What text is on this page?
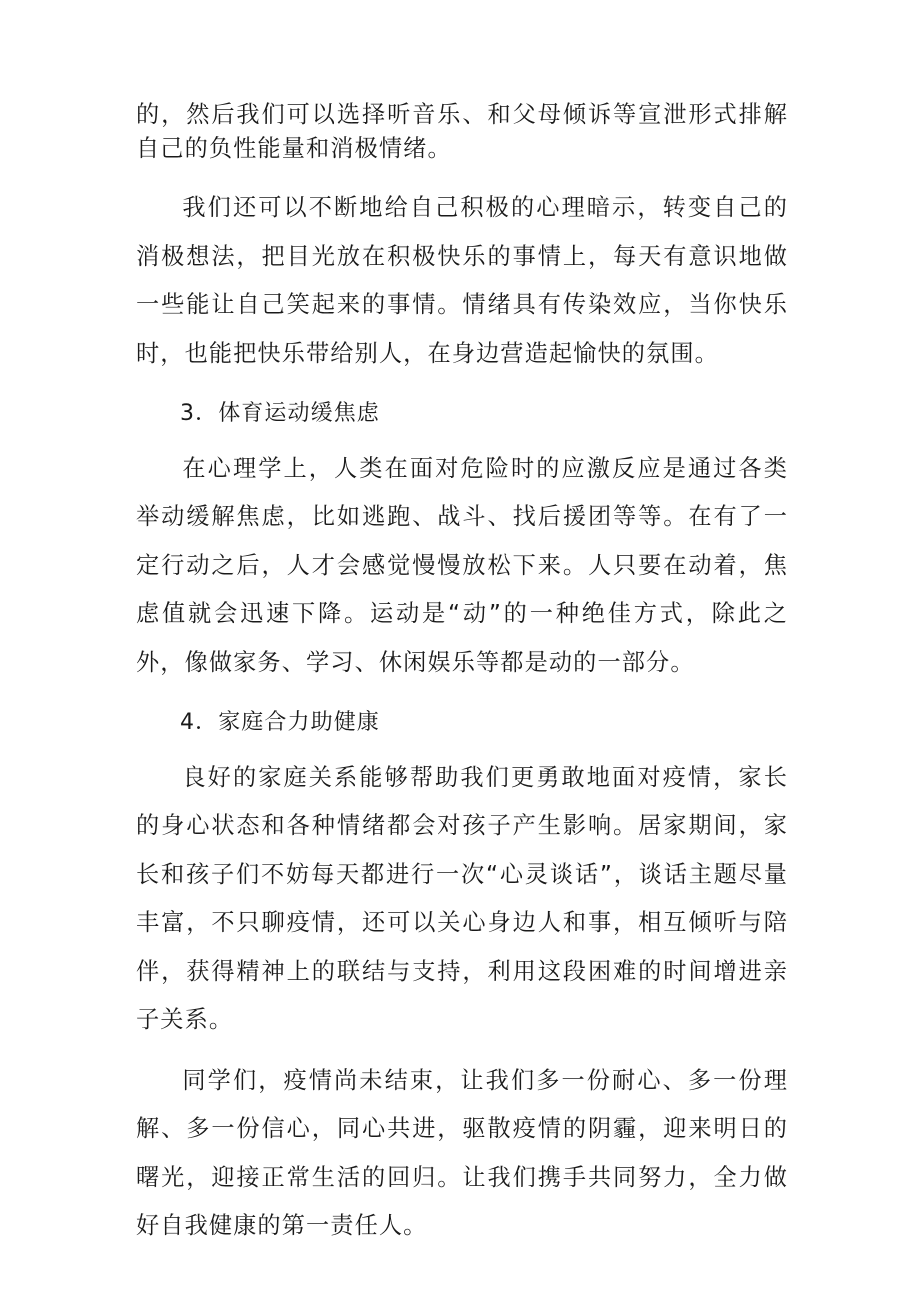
的，然后我们可以选择听音乐、和父母倾诉等宣泄形式排解自己的负性能量和消极情绪。

我们还可以不断地给自己积极的心理暗示，转变自己的消极想法，把目光放在积极快乐的事情上，每天有意识地做一些能让自己笑起来的事情。情绪具有传染效应，当你快乐时，也能把快乐带给别人，在身边营造起愉快的氛围。

3．体育运动缓焦虑

在心理学上，人类在面对危险时的应激反应是通过各类举动缓解焦虑，比如逃跑、战斗、找后援团等等。在有了一定行动之后，人才会感觉慢慢放松下来。人只要在动着，焦虑值就会迅速下降。运动是“动”的一种绝佳方式，除此之外，像做家务、学习、休闲娱乐等都是动的一部分。

4．家庭合力助健康

良好的家庭关系能够帮助我们更勇敢地面对疫情，家长的身心状态和各种情绪都会对孩子产生影响。居家期间，家长和孩子们不妨每天都进行一次“心灵谈话”，谈话主题尽量丰富，不只聊疫情，还可以关心身边人和事，相互倾听与陪伴，获得精神上的联结与支持，利用这段困难的时间增进亲子关系。

同学们，疫情尚未结束，让我们多一份耐心、多一份理解、多一份信心，同心共进，驱散疫情的阴霾，迎来明日的曙光，迎接正常生活的回归。让我们携手共同努力，全力做好自我健康的第一责任人。
